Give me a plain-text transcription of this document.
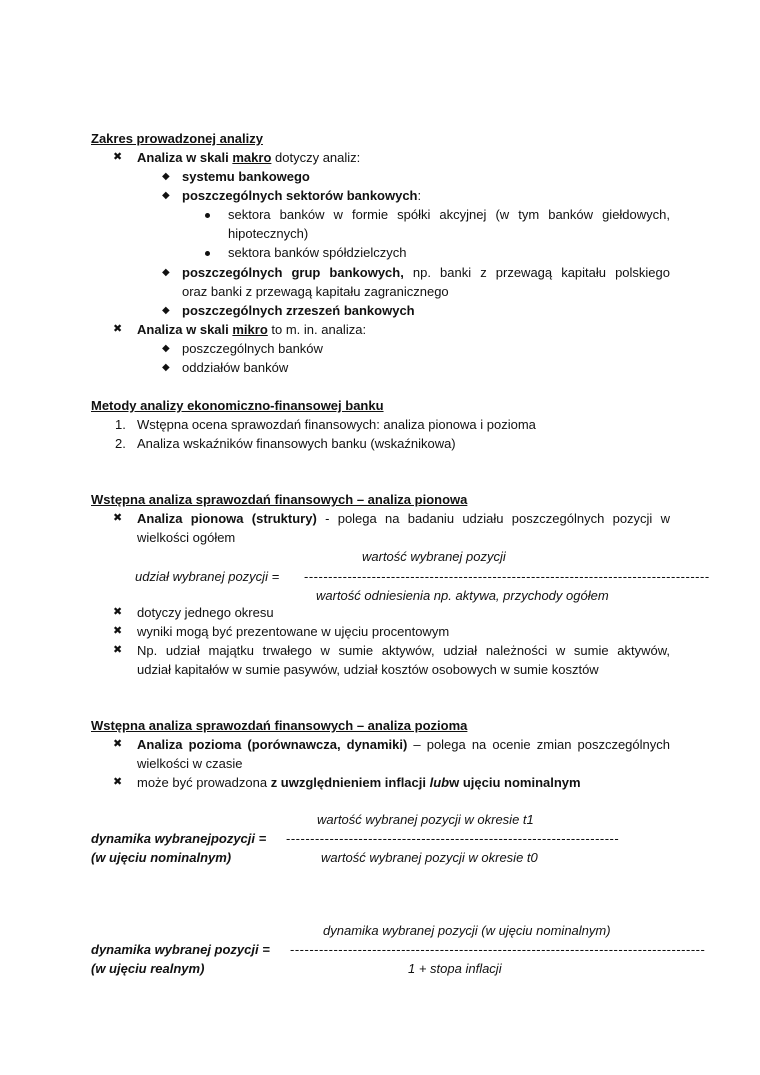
Zakres prowadzonej analizy
✖ Analiza w skali makro dotyczy analiz:
◆ systemu bankowego
◆ poszczególnych sektorów bankowych:
sektora banków w formie spółki akcyjnej (w tym banków giełdowych,
hipotecznych)
sektora banków spółdzielczych
◆ poszczególnych grup bankowych, np. banki z przewagą kapitału polskiego
oraz banki z przewagą kapitału zagranicznego
◆ poszczególnych zrzeszeń bankowych
✖ Analiza w skali mikro to m. in. analiza:
◆ poszczególnych banków
◆ oddziałów banków
Metody analizy ekonomiczno-finansowej banku
1. Wstępna ocena sprawozdań finansowych: analiza pionowa i pozioma
2. Analiza wskaźników finansowych banku (wskaźnikowa)
Wstępna analiza sprawozdań finansowych – analiza pionowa
✖ Analiza pionowa (struktury) - polega na badaniu udziału poszczególnych pozycji w
wielkości ogółem
wartość wybranej pozycji
udział wybranej pozycji = ------------------------------------------------------------------------------------
wartość odniesienia np. aktywa, przychody ogółem
✖ dotyczy jednego okresu
✖ wyniki mogą być prezentowane w ujęciu procentowym
✖ Np. udział majątku trwałego w sumie aktywów, udział należności w sumie aktywów,
udział kapitałów w sumie pasywów, udział kosztów osobowych w sumie kosztów
Wstępna analiza sprawozdań finansowych – analiza pozioma
✖ Analiza pozioma (porównawcza, dynamiki) – polega na ocenie zmian poszczególnych
wielkości w czasie
✖ może być prowadzona z uwzględnieniem inflacji lubw ujęciu nominalnym
wartość wybranej pozycji w okresie t1
dynamika wybranejpozycji = ---------------------------------------------------------------------
(w ujęciu nominalnym)	wartość wybranej pozycji w okresie t0
dynamika wybranej pozycji (w ujęciu nominalnym)
dynamika wybranej pozycji = --------------------------------------------------------------------------------------
(w ujęciu realnym)	1 + stopa inflacji
